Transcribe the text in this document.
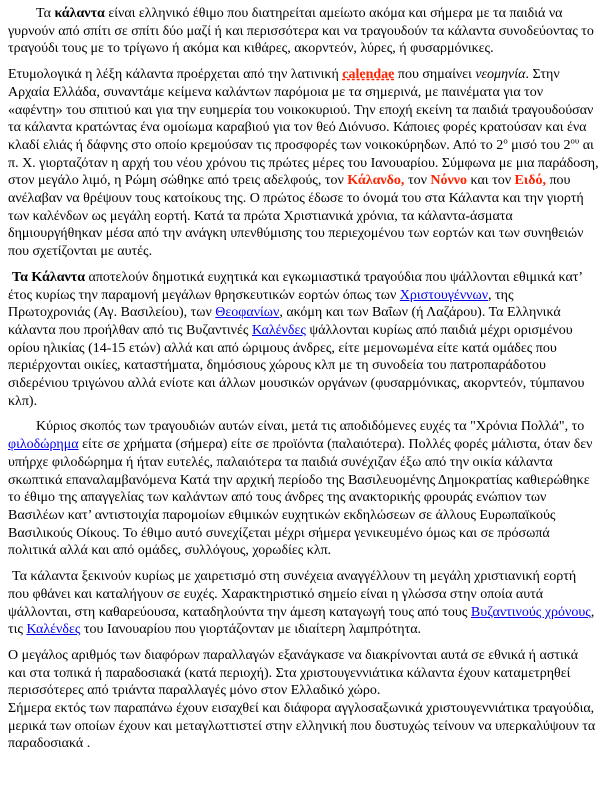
Τα κάλαντα είναι ελληνικό έθιμο που διατηρείται αμείωτο ακόμα και σήμερα με τα παιδιά να γυρνούν από σπίτι σε σπίτι δύο μαζί ή και περισσότερα και να τραγουδούν τα κάλαντα συνοδεύοντας το τραγούδι τους με το τρίγωνο ή ακόμα και κιθάρες, ακορντεόν, λύρες, ή φυσαρμόνικες.

Ετυμολογικά η λέξη κάλαντα προέρχεται από την λατινική calendae που σημαίνει νεομηνία. Στην Αρχαία Ελλάδα, συναντάμε κείμενα καλάντων παρόμοια με τα σημερινά, με παινέματα για τον «αφέντη» του σπιτιού και για την ευημερία του νοικοκυριού. Την εποχή εκείνη τα παιδιά τραγουδούσαν τα κάλαντα κρατώντας ένα ομοίωμα καραβιού για τον θεό Διόνυσο. Κάποιες φορές κρατούσαν και ένα κλαδί ελιάς ή δάφνης στο οποίο κρεμούσαν τις προσφορές των νοικοκύρηδων. Από το $2^o$ μισό του $2^{o\upsilon}$ αι π. Χ. γιορταζόταν η αρχή του νέου χρόνου τις πρώτες μέρες του Ιανουαρίου. Σύμφωνα με μια παράδοση, στον μεγάλο λιμό, η Ρώμη σώθηκε από τρεις αδελφούς, τον Κάλανδο, τον Νόννο και τον Ειδό, που ανέλαβαν να θρέψουν τους κατοίκους της. Ο πρώτος έδωσε το όνομά του στα Κάλαντα και την γιορτή των καλένδων ως μεγάλη εορτή. Κατά τα πρώτα Χριστιανικά χρόνια, τα κάλαντα-άσματα δημιουργήθηκαν μέσα από την ανάγκη υπενθύμισης του περιεχομένου των εορτών και των συνηθειών που σχετίζονται με αυτές.

Τα Κάλαντα αποτελούν δημοτικά ευχητικά και εγκωμιαστικά τραγούδια που ψάλλονται εθιμικά κατ’ έτος κυρίως την παραμονή μεγάλων θρησκευτικών εορτών όπως των Χριστουγέννων, της Πρωτοχρονιάς (Αγ. Βασιλείου), των Θεοφανίων, ακόμη και των Βαΐων (ή Λαζάρου). Τα Ελληνικά κάλαντα που προήλθαν από τις Βυζαντινές Καλένδες ψάλλονται κυρίως από παιδιά μέχρι ορισμένου ορίου ηλικίας (14-15 ετών) αλλά και από ώριμους άνδρες, είτε μεμονωμένα είτε κατά ομάδες που περιέρχονται οικίες, καταστήματα, δημόσιους χώρους κλπ με τη συνοδεία του πατροπαράδοτου σιδερένιου τριγώνου αλλά ενίοτε και άλλων μουσικών οργάνων (φυσαρμόνικας, ακορντεόν, τύμπανου κλπ).

Κύριος σκοπός των τραγουδιών αυτών είναι, μετά τις αποδιδόμενες ευχές τα "Χρόνια Πολλά", το φιλοδώρημα είτε σε χρήματα (σήμερα) είτε σε προϊόντα (παλαιότερα). Πολλές φορές μάλιστα, όταν δεν υπήρχε φιλοδώρημα ή ήταν ευτελές, παλαιότερα τα παιδιά συνέχιζαν έξω από την οικία κάλαντα σκωπτικά επαναλαμβανόμενα Κατά την αρχική περίοδο της Βασιλευομένης Δημοκρατίας καθιερώθηκε το έθιμο της απαγγελίας των καλάντων από τους άνδρες της ανακτορικής φρουράς ενώπιον των Βασιλέων κατ’ αντιστοιχία παρομοίων εθιμικών ευχητικών εκδηλώσεων σε άλλους Ευρωπαϊκούς Βασιλικούς Οίκους. Το έθιμο αυτό συνεχίζεται μέχρι σήμερα γενικευμένο όμως και σε πρόσωπά πολιτικά αλλά και από ομάδες, συλλόγους, χορωδίες κλπ.

Τα κάλαντα ξεκινούν κυρίως με χαιρετισμό στη συνέχεια αναγγέλλουν τη μεγάλη χριστιανική εορτή που φθάνει και καταλήγουν σε ευχές. Χαρακτηριστικό σημείο είναι η γλώσσα στην οποία αυτά ψάλλονται, στη καθαρεύουσα, καταδηλούντα την άμεση καταγωγή τους από τους Βυζαντινούς χρόνους, τις Καλένδες του Ιανουαρίου που γιορτάζονταν με ιδιαίτερη λαμπρότητα.

Ο μεγάλος αριθμός των διαφόρων παραλλαγών εξανάγκασε να διακρίνονται αυτά σε εθνικά ή αστικά και στα τοπικά ή παραδοσιακά (κατά περιοχή). Στα χριστουγεννιάτικα κάλαντα έχουν καταμετρηθεί περισσότερες από τριάντα παραλλαγές μόνο στον Ελλαδικό χώρο.
Σήμερα εκτός των παραπάνω έχουν εισαχθεί και διάφορα αγγλοσαξωνικά χριστουγεννιάτικα τραγούδια, μερικά των οποίων έχουν και μεταγλωττιστεί στην ελληνική που δυστυχώς τείνουν να υπερκαλύψουν τα παραδοσιακά .
